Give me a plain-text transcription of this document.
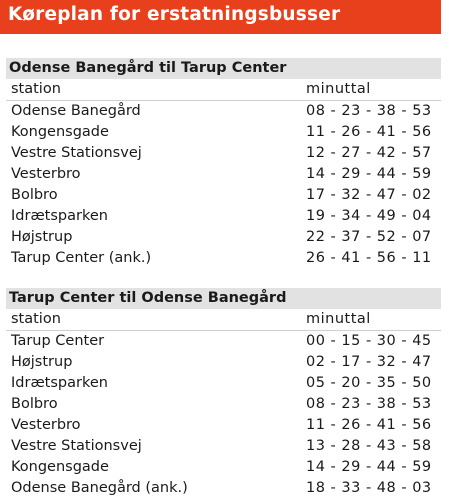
Køreplan for erstatningsbusser
Odense Banegård til Tarup Center
station	minuttal
Odense Banegård	08 - 23 - 38 - 53
Kongensgade	11 - 26 - 41 - 56
Vestre Stationsvej	12 - 27 - 42 - 57
Vesterbro	14 - 29 - 44 - 59
Bolbro	17 - 32 - 47 - 02
Idrætsparken	19 - 34 - 49 - 04
Højstrup	22 - 37 - 52 - 07
Tarup Center (ank.)	26 - 41 - 56 - 11
Tarup Center til Odense Banegård
station	minuttal
Tarup Center	00 - 15 - 30 - 45
Højstrup	02 - 17 - 32 - 47
Idrætsparken	05 - 20 - 35 - 50
Bolbro	08 - 23 - 38 - 53
Vesterbro	11 - 26 - 41 - 56
Vestre Stationsvej	13 - 28 - 43 - 58
Kongensgade	14 - 29 - 44 - 59
Odense Banegård (ank.)	18 - 33 - 48 - 03
